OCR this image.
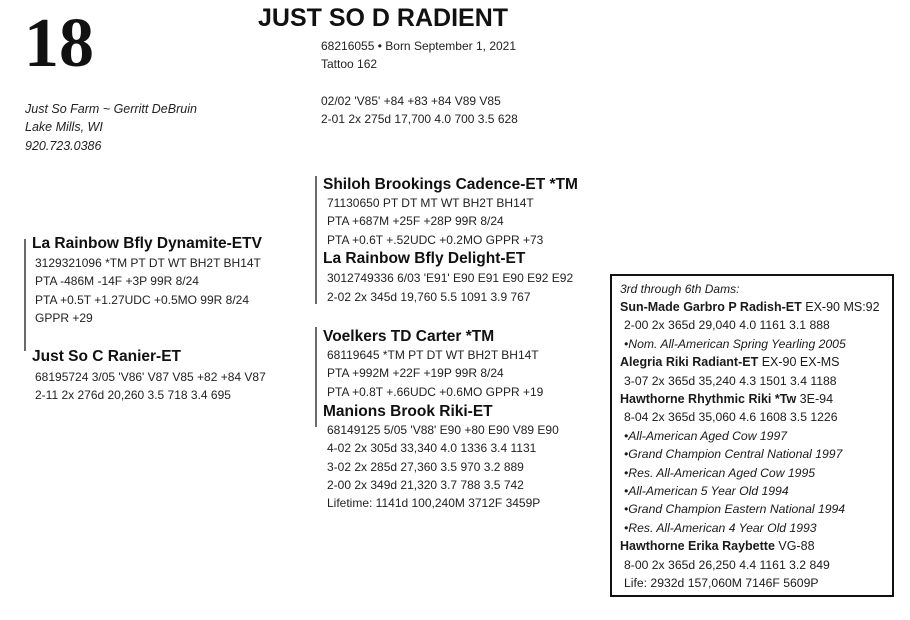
18	JUST SO D RADIENT
68216055 • Born September 1, 2021
Tattoo 162
02/02 'V85' +84 +83 +84 V89 V85
2-01 2x 275d 17,700 4.0 700 3.5 628
Just So Farm ~ Gerritt DeBruin
Lake Mills, WI
920.723.0386
Shiloh Brookings Cadence-ET *TM
71130650 PT DT MT WT BH2T BH14T
PTA +687M +25F +28P 99R 8/24
PTA +0.6T +.52UDC +0.2MO GPPR +73
La Rainbow Bfly Delight-ET
3012749336 6/03 'E91' E90 E91 E90 E92 E92
2-02 2x 345d 19,760 5.5 1091 3.9 767
La Rainbow Bfly Dynamite-ETV
3129321096 *TM PT DT WT BH2T BH14T
PTA -486M -14F +3P 99R 8/24
PTA +0.5T +1.27UDC +0.5MO 99R 8/24
GPPR +29
Just So C Ranier-ET
68195724 3/05 'V86' V87 V85 +82 +84 V87
2-11 2x 276d 20,260 3.5 718 3.4 695
Voelkers TD Carter *TM
68119645 *TM PT DT WT BH2T BH14T
PTA +992M +22F +19P 99R 8/24
PTA +0.8T +.66UDC +0.6MO GPPR +19
Manions Brook Riki-ET
68149125 5/05 'V88' E90 +80 E90 V89 E90
4-02 2x 305d 33,340 4.0 1336 3.4 1131
3-02 2x 285d 27,360 3.5 970 3.2 889
2-00 2x 349d 21,320 3.7 788 3.5 742
Lifetime: 1141d 100,240M 3712F 3459P
3rd through 6th Dams:
Sun-Made Garbro P Radish-ET EX-90 MS:92
2-00 2x 365d 29,040 4.0 1161 3.1 888
•Nom. All-American Spring Yearling 2005
Alegria Riki Radiant-ET EX-90 EX-MS
3-07 2x 365d 35,240 4.3 1501 3.4 1188
Hawthorne Rhythmic Riki *Tw 3E-94
8-04 2x 365d 35,060 4.6 1608 3.5 1226
•All-American Aged Cow 1997
•Grand Champion Central National 1997
•Res. All-American Aged Cow 1995
•All-American 5 Year Old 1994
•Grand Champion Eastern National 1994
•Res. All-American 4 Year Old 1993
Hawthorne Erika Raybette VG-88
8-00 2x 365d 26,250 4.4 1161 3.2 849
Life: 2932d 157,060M 7146F 5609P
